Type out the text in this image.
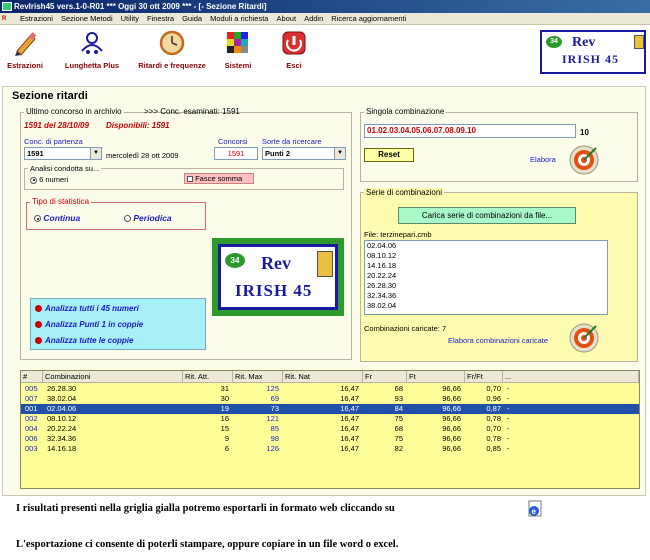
RevIrish45 vers.1-0-R01 *** Oggi 30 ott 2009 *** - [- Sezione Ritardi]
R	Estrazioni Sezione Metodi Utility Finestra Guida Moduli a richiesta About Addin Ricerca aggiornamenti
Estrazioni	Lunghetta Plus	Ritardi e frequenze	Sistemi	Esci
34 Rev
IRISH 45
Sezione ritardi
Ultimo concorso in archivio	>>> Conc. esaminati: 1591
1591 del 28/10/09 Disponibili: 1591
Conc. di partenza
1591	▼ mercoledì 28 ott 2009
Concorsi
1591
Sorte da ricercare
Punti 2	▼
Analisi condotta su...
6 numeri	Fasce somma
Tipo di statistica
Continua	Periodica
34	Rev
IRISH 45
Analizza tutti i 45 numeri
Analizza Punti 1 in coppie
Analizza tutte le coppie
Singola combinazione
01.02.03.04.05.06.07.08.09.10	10
Reset
Elabora
Serie di combinazioni
Carica serie di combinazioni da file...
File: terzinepari.cmb
02.04.06
08.10.12
14.16.18
20.22.24
26.28.30
32.34.36
38.02.04
Combinazioni caricate: 7
Elabora combinazioni caricate
#	Combinazioni	Rit. Att.	Rit. Max	Rit. Nat	Fr	Ft	Fr/Ft	...
005	26.28.30	31	125	16,47	68	96,66	0,70 -
007	38.02.04	30	69	16,47	93	96,66	0,96 -
001	02.04.06	19	73	16,47	84	96,66	0,87 -
002	08.10.12	16	121	16,47	75	96,66	0,78 -
004	20.22.24	15	85	16,47	68	96,66	0,70 -
006	32.34.36	9	98	16,47	75	96,66	0,78 -
003	14.16.18	6	126	16,47	82	96,66	0,85 -
I risultati presenti nella griglia gialla potremo esportarli in formato web cliccando su	e
L'esportazione ci consente di poterli stampare, oppure copiare in un file word o excel.
